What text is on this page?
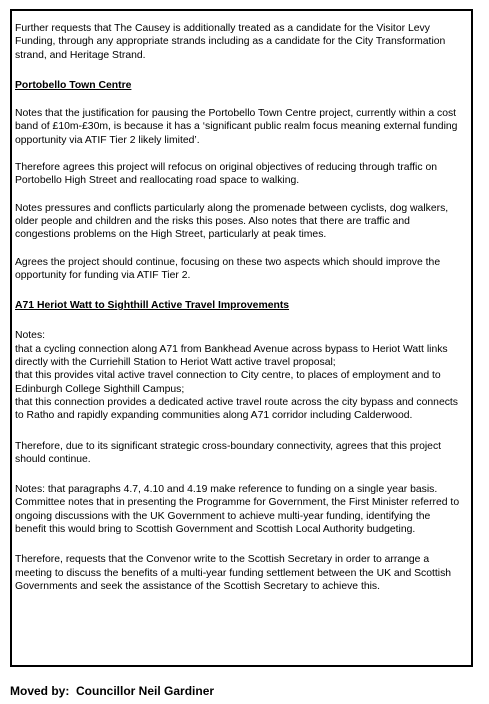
Further requests that The Causey is additionally treated as a candidate for the Visitor Levy Funding, through any appropriate strands including as a candidate for the City Transformation strand, and Heritage Strand.

Portobello Town Centre

Notes that the justification for pausing the Portobello Town Centre project, currently within a cost band of £10m-£30m, is because it has a ‘significant public realm focus meaning external funding opportunity via ATIF Tier 2 likely limited’.

Therefore agrees this project will refocus on original objectives of reducing through traffic on Portobello High Street and reallocating road space to walking.

Notes pressures and conflicts particularly along the promenade between cyclists, dog walkers, older people and children and the risks this poses. Also notes that there are traffic and congestions problems on the High Street, particularly at peak times.

Agrees the project should continue, focusing on these two aspects which should improve the opportunity for funding via ATIF Tier 2.

A71 Heriot Watt to Sighthill Active Travel Improvements

Notes:

that a cycling connection along A71 from Bankhead Avenue across bypass to Heriot Watt links directly with the Curriehill Station to Heriot Watt active travel proposal;

that this provides vital active travel connection to City centre, to places of employment and to Edinburgh College Sighthill Campus;

that this connection provides a dedicated active travel route across the city bypass and connects to Ratho and rapidly expanding communities along A71 corridor including Calderwood.

Therefore, due to its significant strategic cross-boundary connectivity, agrees that this project should continue.

Notes: that paragraphs 4.7, 4.10 and 4.19 make reference to funding on a single year basis. Committee notes that in presenting the Programme for Government, the First Minister referred to ongoing discussions with the UK Government to achieve multi-year funding, identifying the benefit this would bring to Scottish Government and Scottish Local Authority budgeting.

Therefore, requests that the Convenor write to the Scottish Secretary in order to arrange a meeting to discuss the benefits of a multi-year funding settlement between the UK and Scottish Governments and seek the assistance of the Scottish Secretary to achieve this.

Moved by: Councillor Neil Gardiner
